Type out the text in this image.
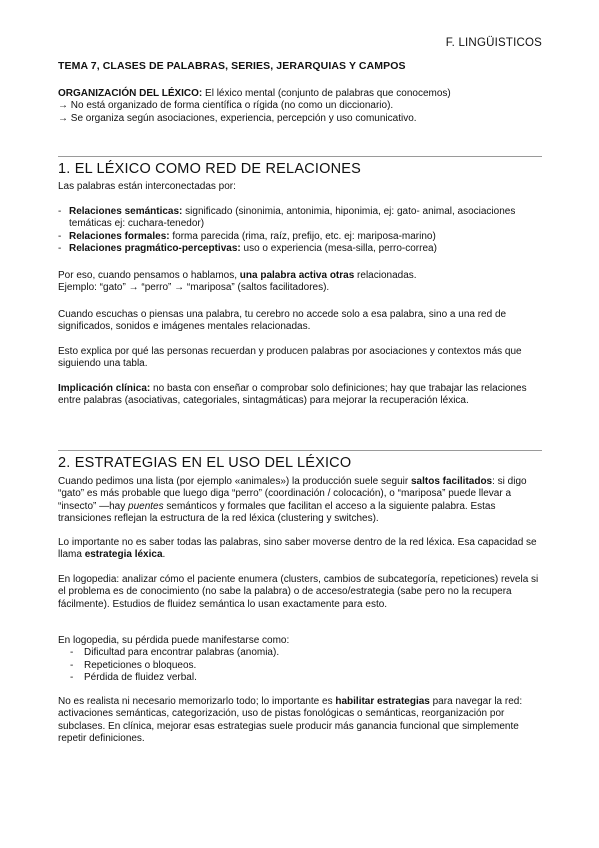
F. LINGÜISTICOS
TEMA 7, CLASES DE PALABRAS, SERIES, JERARQUIAS Y CAMPOS

ORGANIZACIÓN DEL LÉXICO: El léxico mental (conjunto de palabras que conocemos)

→ No está organizado de forma científica o rígida (no como un diccionario).

→ Se organiza según asociaciones, experiencia, percepción y uso comunicativo.

1. EL LÉXICO COMO RED DE RELACIONES

Las palabras están interconectadas por:

- Relaciones semánticas: significado (sinonimia, antonimia, hiponimia, ej: gato- animal, asociaciones temáticas ej: cuchara-tenedor)
- Relaciones formales: forma parecida (rima, raíz, prefijo, etc. ej: mariposa-marino)
- Relaciones pragmático-perceptivas: uso o experiencia (mesa-silla, perro-correa)

Por eso, cuando pensamos o hablamos, una palabra activa otras relacionadas.

Ejemplo: “gato” → “perro” → “mariposa” (saltos facilitadores).

Cuando escuchas o piensas una palabra, tu cerebro no accede solo a esa palabra, sino a una red de significados, sonidos e imágenes mentales relacionadas.

Esto explica por qué las personas recuerdan y producen palabras por asociaciones y contextos más que siguiendo una tabla.

Implicación clínica: no basta con enseñar o comprobar solo definiciones; hay que trabajar las relaciones entre palabras (asociativas, categoriales, sintagmáticas) para mejorar la recuperación léxica.

2. ESTRATEGIAS EN EL USO DEL LÉXICO

Cuando pedimos una lista (por ejemplo «animales») la producción suele seguir saltos facilitados: si digo “gato” es más probable que luego diga “perro” (coordinación / colocación), o “mariposa” puede llevar a “insecto” —hay puentes semánticos y formales que facilitan el acceso a la siguiente palabra. Estas transiciones reflejan la estructura de la red léxica (clustering y switches).

Lo importante no es saber todas las palabras, sino saber moverse dentro de la red léxica. Esa capacidad se llama estrategia léxica.

En logopedia: analizar cómo el paciente enumera (clusters, cambios de subcategoría, repeticiones) revela si el problema es de conocimiento (no sabe la palabra) o de acceso/estrategia (sabe pero no la recupera fácilmente). Estudios de fluidez semántica lo usan exactamente para esto.

En logopedia, su pérdida puede manifestarse como:

- Dificultad para encontrar palabras (anomia).
- Repeticiones o bloqueos.
- Pérdida de fluidez verbal.

No es realista ni necesario memorizarlo todo; lo importante es habilitar estrategias para navegar la red: activaciones semánticas, categorización, uso de pistas fonológicas o semánticas, reorganización por subclases. En clínica, mejorar esas estrategias suele producir más ganancia funcional que simplemente repetir definiciones.
